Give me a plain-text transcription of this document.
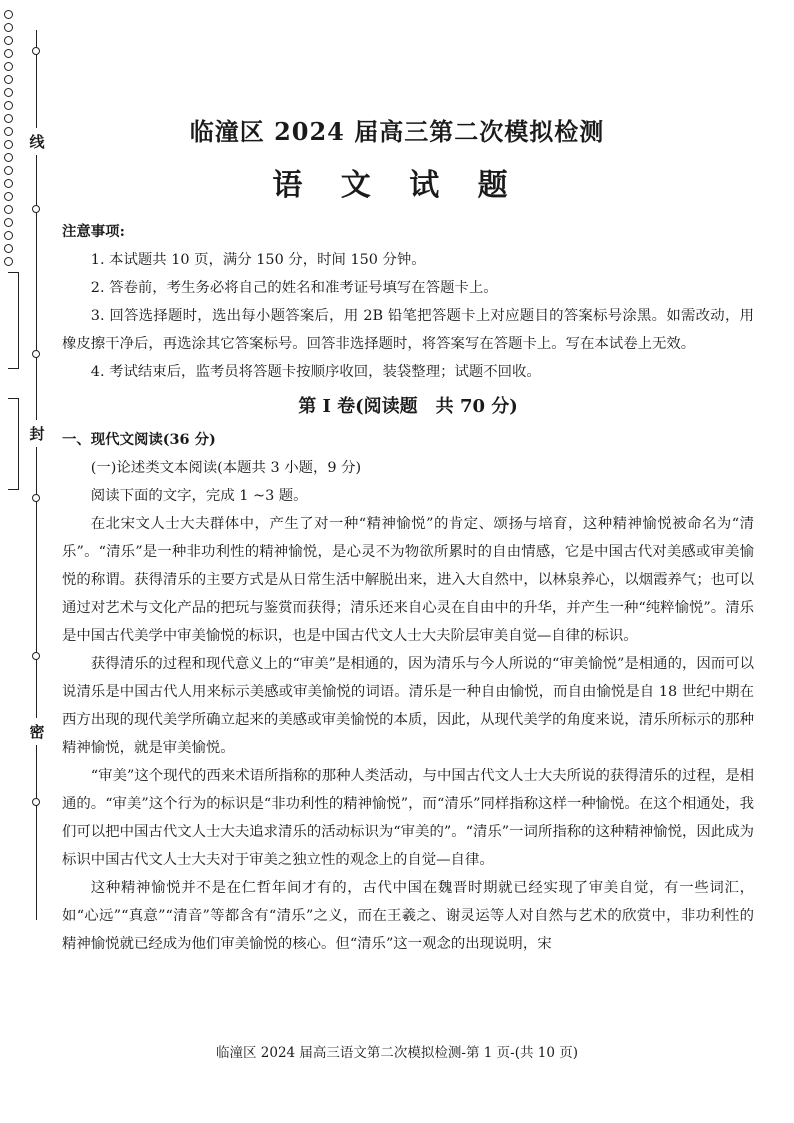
线
封
密
临潼区 2024 届高三第二次模拟检测
语 文 试 题

注意事项:

1. 本试题共 10 页，满分 150 分，时间 150 分钟。

2. 答卷前，考生务必将自己的姓名和准考证号填写在答题卡上。

3. 回答选择题时，选出每小题答案后，用 2B 铅笔把答题卡上对应题目的答案标号涂黑。如需改动，用橡皮擦干净后，再选涂其它答案标号。回答非选择题时，将答案写在答题卡上。写在本试卷上无效。

4. 考试结束后，监考员将答题卡按顺序收回，装袋整理；试题不回收。

第 Ⅰ 卷(阅读题　共 70 分)

一、现代文阅读(36 分)

(一)论述类文本阅读(本题共 3 小题，9 分)

阅读下面的文字，完成 1 ~3 题。

在北宋文人士大夫群体中，产生了对一种“精神愉悦”的肯定、颂扬与培育，这种精神愉悦被命名为“清乐”。“清乐”是一种非功利性的精神愉悦，是心灵不为物欲所累时的自由情感，它是中国古代对美感或审美愉悦的称谓。获得清乐的主要方式是从日常生活中解脱出来，进入大自然中，以林泉养心，以烟霞养气；也可以通过对艺术与文化产品的把玩与鉴赏而获得；清乐还来自心灵在自由中的升华，并产生一种“纯粹愉悦”。清乐是中国古代美学中审美愉悦的标识，也是中国古代文人士大夫阶层审美自觉—自律的标识。

获得清乐的过程和现代意义上的“审美”是相通的，因为清乐与今人所说的“审美愉悦”是相通的，因而可以说清乐是中国古代人用来标示美感或审美愉悦的词语。清乐是一种自由愉悦，而自由愉悦是自 18 世纪中期在西方出现的现代美学所确立起来的美感或审美愉悦的本质，因此，从现代美学的角度来说，清乐所标示的那种精神愉悦，就是审美愉悦。

“审美”这个现代的西来术语所指称的那种人类活动，与中国古代文人士大夫所说的获得清乐的过程，是相通的。“审美”这个行为的标识是“非功利性的精神愉悦”，而“清乐”同样指称这样一种愉悦。在这个相通处，我们可以把中国古代文人士大夫追求清乐的活动标识为“审美的”。“清乐”一词所指称的这种精神愉悦，因此成为标识中国古代文人士大夫对于审美之独立性的观念上的自觉—自律。

这种精神愉悦并不是在仁哲年间才有的，古代中国在魏晋时期就已经实现了审美自觉，有一些词汇，如“心远”“真意”“清音”等都含有“清乐”之义，而在王羲之、谢灵运等人对自然与艺术的欣赏中，非功利性的精神愉悦就已经成为他们审美愉悦的核心。但“清乐”这一观念的出现说明，宋

临潼区 2024 届高三语文第二次模拟检测-第 1 页-(共 10 页)
